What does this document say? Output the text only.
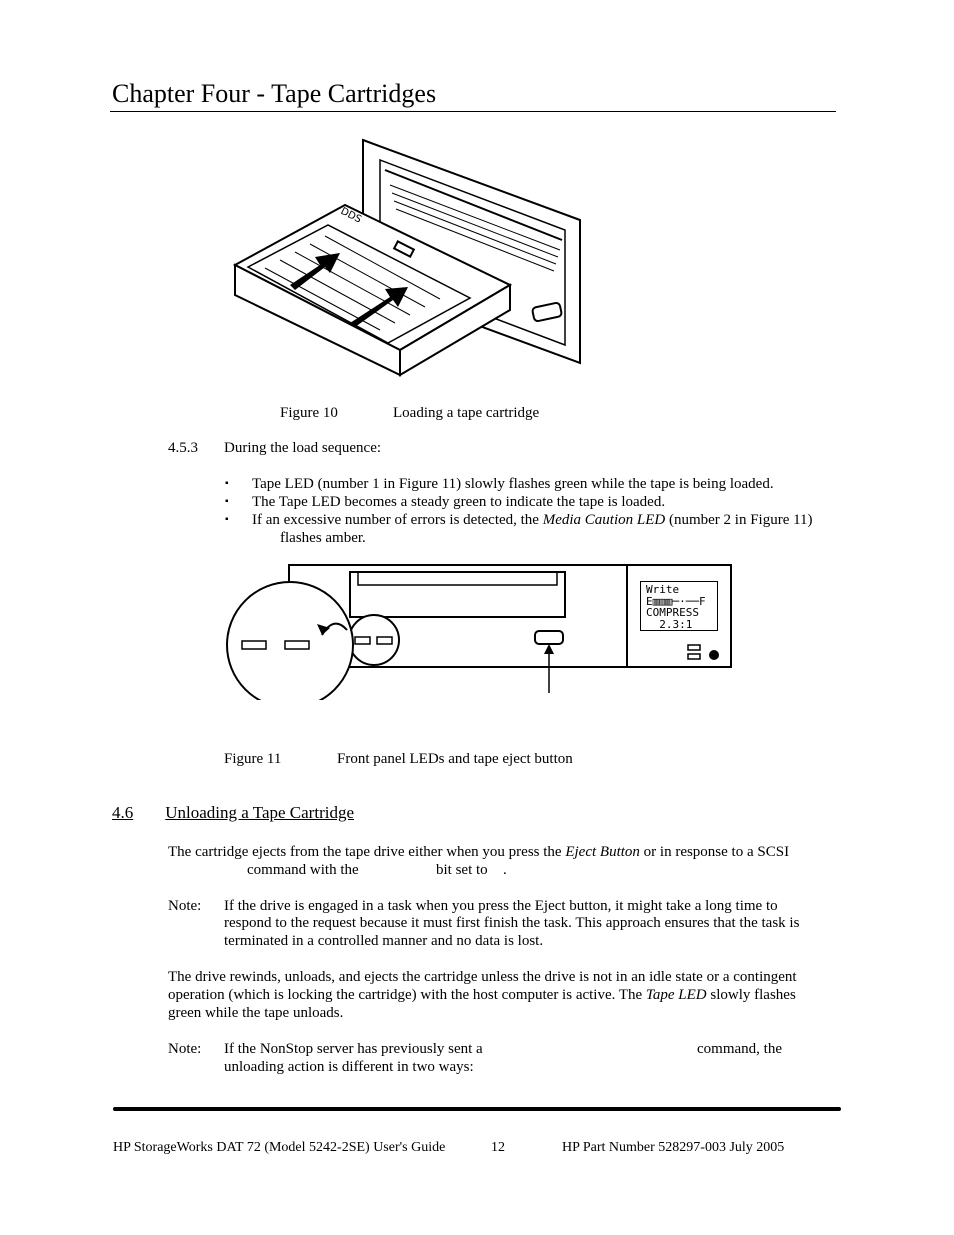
Chapter Four - Tape Cartridges
DDS
Figure 10	Loading a tape cartridge
4.5.3 During the load sequence:
▪ Tape LED (number 1 in Figure 11) slowly flashes green while the tape is being loaded.
▪ The Tape LED becomes a steady green to indicate the tape is loaded.
▪ If an excessive number of errors is detected, the Media Caution LED (number 2 in Figure 11)
flashes amber.
Write
E▥▥▥─·──F
COMPRESS
2.3:1
Figure 11	Front panel LEDs and tape eject button
4.6 Unloading a Tape Cartridge
The cartridge ejects from the tape drive either when you press the Eject Button or in response to a SCSI
command with the	bit set to .
Note: If the drive is engaged in a task when you press the Eject button, it might take a long time to
respond to the request because it must first finish the task. This approach ensures that the task is
terminated in a controlled manner and no data is lost.
The drive rewinds, unloads, and ejects the cartridge unless the drive is not in an idle state or a contingent
operation (which is locking the cartridge) with the host computer is active. The Tape LED slowly flashes
green while the tape unloads.
Note: If the NonStop server has previously sent a	command, the
unloading action is different in two ways:
HP StorageWorks DAT 72 (Model 5242-2SE) User's Guide	12	HP Part Number 528297-003 July 2005
